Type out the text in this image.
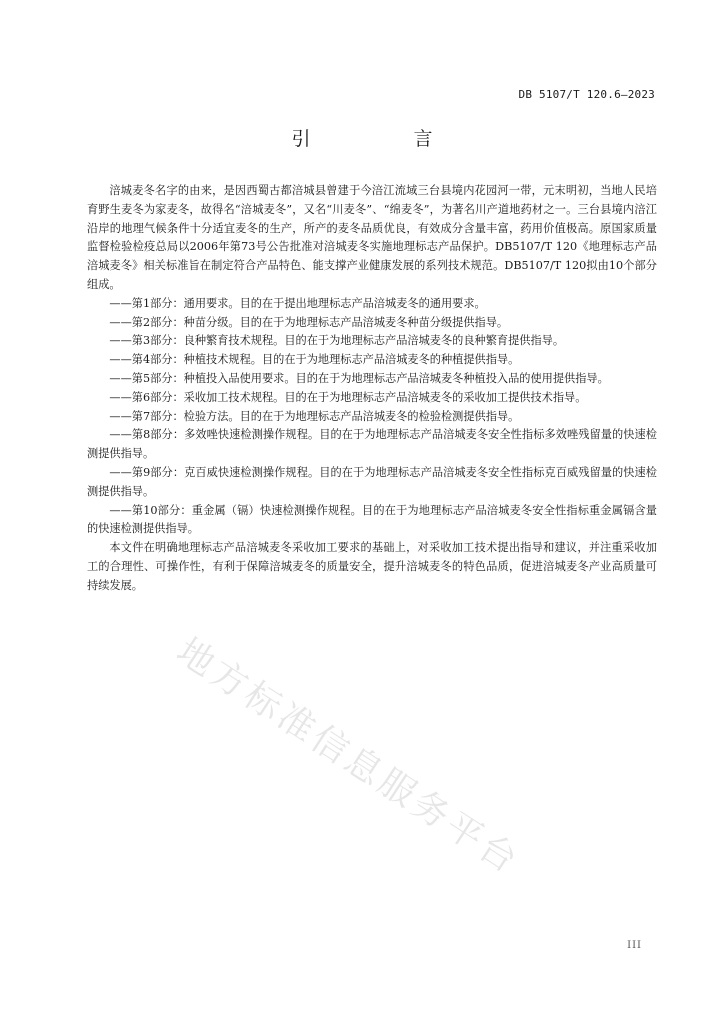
DB 5107/T 120.6—2023
引　言

涪城麦冬名字的由来，是因西蜀古都涪城县曾建于今涪江流域三台县境内花园河一带，元末明初，当地人民培育野生麦冬为家麦冬，故得名“涪城麦冬”，又名“川麦冬”、“绵麦冬”，为著名川产道地药材之一。三台县境内涪江沿岸的地理气候条件十分适宜麦冬的生产，所产的麦冬品质优良，有效成分含量丰富，药用价值极高。原国家质量监督检验检疫总局以2006年第73号公告批准对涪城麦冬实施地理标志产品保护。DB5107/T 120《地理标志产品 涪城麦冬》相关标准旨在制定符合产品特色、能支撑产业健康发展的系列技术规范。DB5107/T 120拟由10个部分组成。

——第1部分：通用要求。目的在于提出地理标志产品涪城麦冬的通用要求。

——第2部分：种苗分级。目的在于为地理标志产品涪城麦冬种苗分级提供指导。

——第3部分：良种繁育技术规程。目的在于为地理标志产品涪城麦冬的良种繁育提供指导。

——第4部分：种植技术规程。目的在于为地理标志产品涪城麦冬的种植提供指导。

——第5部分：种植投入品使用要求。目的在于为地理标志产品涪城麦冬种植投入品的使用提供指导。

——第6部分：采收加工技术规程。目的在于为地理标志产品涪城麦冬的采收加工提供技术指导。

——第7部分：检验方法。目的在于为地理标志产品涪城麦冬的检验检测提供指导。

——第8部分：多效唑快速检测操作规程。目的在于为地理标志产品涪城麦冬安全性指标多效唑残留量的快速检测提供指导。

——第9部分：克百威快速检测操作规程。目的在于为地理标志产品涪城麦冬安全性指标克百威残留量的快速检测提供指导。

——第10部分：重金属（镉）快速检测操作规程。目的在于为地理标志产品涪城麦冬安全性指标重金属镉含量的快速检测提供指导。

本文件在明确地理标志产品涪城麦冬采收加工要求的基础上，对采收加工技术提出指导和建议，并注重采收加工的合理性、可操作性，有利于保障涪城麦冬的质量安全，提升涪城麦冬的特色品质，促进涪城麦冬产业高质量可持续发展。

地方标准信息服务平台
III
